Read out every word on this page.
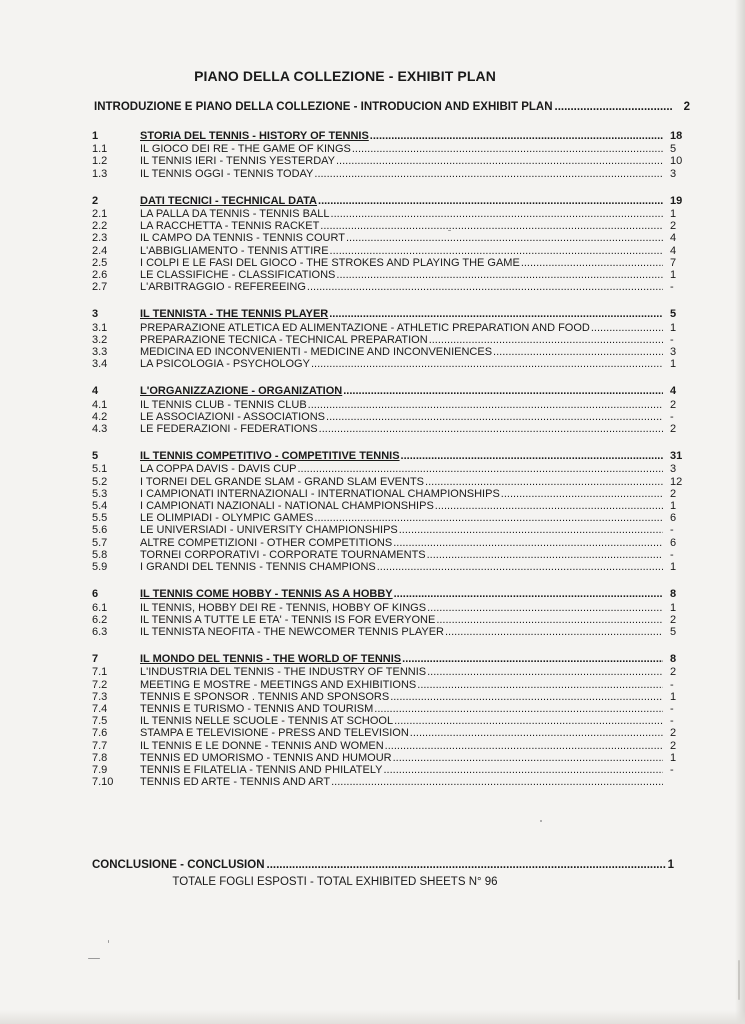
PIANO DELLA COLLEZIONE - EXHIBIT PLAN
INTRODUZIONE E PIANO DELLA COLLEZIONE - INTRODUCION AND EXHIBIT PLAN .....	2
1	STORIA DEL TENNIS - HISTORY OF TENNIS .....	18
1.1	IL GIOCO DEI RE - THE GAME OF KINGS .....	5
1.2	IL TENNIS IERI - TENNIS YESTERDAY .....	10
1.3	IL TENNIS OGGI - TENNIS TODAY .....	3
2	DATI TECNICI - TECHNICAL DATA .....	19
2.1	LA PALLA DA TENNIS - TENNIS BALL .....	1
2.2	LA RACCHETTA - TENNIS RACKET .....	2
2.3	IL CAMPO DA TENNIS - TENNIS COURT .....	4
2.4	L'ABBIGLIAMENTO - TENNIS ATTIRE .....	4
2.5	I COLPI E LE FASI DEL GIOCO - THE STROKES AND PLAYING THE GAME .....	7
2.6	LE CLASSIFICHE - CLASSIFICATIONS .....	1
2.7	L'ARBITRAGGIO - REFEREEING .....	-
3	IL TENNISTA - THE TENNIS PLAYER .....	5
3.1	PREPARAZIONE ATLETICA ED ALIMENTAZIONE - ATHLETIC PREPARATION AND FOOD .....	1
3.2	PREPARAZIONE TECNICA - TECHNICAL PREPARATION .....	-
3.3	MEDICINA ED INCONVENIENTI - MEDICINE AND INCONVENIENCES .....	3
3.4	LA PSICOLOGIA - PSYCHOLOGY .....	1
4	L'ORGANIZZAZIONE - ORGANIZATION .....	4
4.1	IL TENNIS CLUB - TENNIS CLUB .....	2
4.2	LE ASSOCIAZIONI - ASSOCIATIONS .....	-
4.3	LE FEDERAZIONI - FEDERATIONS .....	2
5	IL TENNIS COMPETITIVO - COMPETITIVE TENNIS .....	31
5.1	LA COPPA DAVIS - DAVIS CUP .....	3
5.2	I TORNEI DEL GRANDE SLAM - GRAND SLAM EVENTS .....	12
5.3	I CAMPIONATI INTERNAZIONALI - INTERNATIONAL CHAMPIONSHIPS .....	2
5.4	I CAMPIONATI NAZIONALI - NATIONAL CHAMPIONSHIPS .....	1
5.5	LE OLIMPIADI - OLYMPIC GAMES .....	6
5.6	LE UNIVERSIADI - UNIVERSITY CHAMPIONSHIPS .....	-
5.7	ALTRE COMPETIZIONI - OTHER COMPETITIONS .....	6
5.8	TORNEI CORPORATIVI - CORPORATE TOURNAMENTS .....	-
5.9	I GRANDI DEL TENNIS - TENNIS CHAMPIONS .....	1
6	IL TENNIS COME HOBBY - TENNIS AS A HOBBY .....	8
6.1	IL TENNIS, HOBBY DEI RE - TENNIS, HOBBY OF KINGS .....	1
6.2	IL TENNIS A TUTTE LE ETA' - TENNIS IS FOR EVERYONE .....	2
6.3	IL TENNISTA NEOFITA - THE NEWCOMER TENNIS PLAYER .....	5
7	IL MONDO DEL TENNIS - THE WORLD OF TENNIS .....	8
7.1	L'INDUSTRIA DEL TENNIS - THE INDUSTRY OF TENNIS .....	2
7.2	MEETING E MOSTRE - MEETINGS AND EXHIBITIONS .....	-
7.3	TENNIS E SPONSOR . TENNIS AND SPONSORS .....	1
7.4	TENNIS E TURISMO - TENNIS AND TOURISM .....	-
7.5	IL TENNIS NELLE SCUOLE - TENNIS AT SCHOOL .....	-
7.6	STAMPA E TELEVISIONE - PRESS AND TELEVISION .....	2
7.7	IL TENNIS E LE DONNE - TENNIS AND WOMEN .....	2
7.8	TENNIS ED UMORISMO - TENNIS AND HUMOUR .....	1
7.9	TENNIS E FILATELIA - TENNIS AND PHILATELY .....	-
7.10	TENNIS ED ARTE - TENNIS AND ART
.....
CONCLUSIONE - CONCLUSION .....	1
TOTALE FOGLI ESPOSTI - TOTAL EXHIBITED SHEETS N° 96
